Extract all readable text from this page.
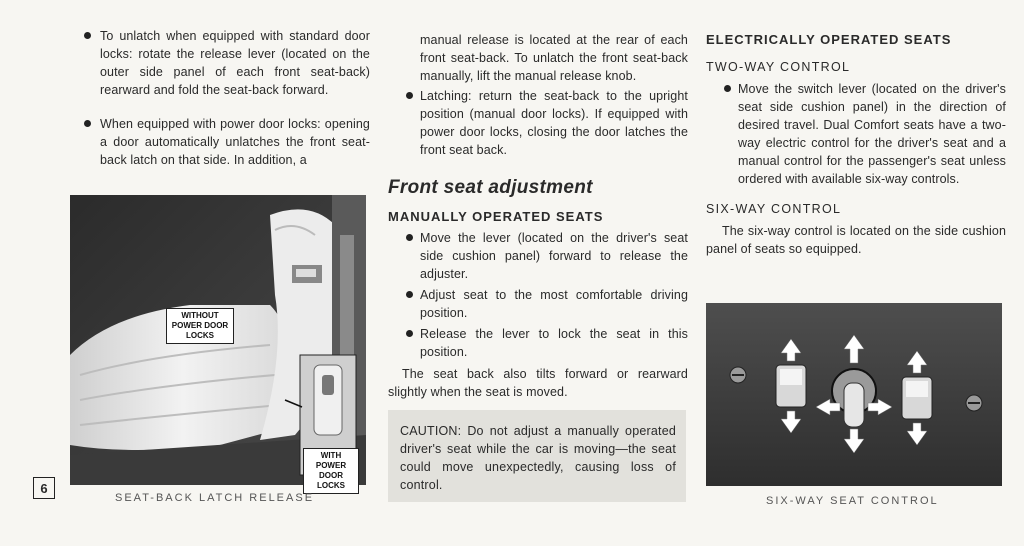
6

To unlatch when equipped with standard door locks: rotate the release lever (located on the outer side panel of each front seat-back) rearward and fold the seat-back forward.

When equipped with power door locks: opening a door automatically unlatches the front seat-back latch on that side. In addition, a

WITHOUT POWER DOOR LOCKS
WITH POWER DOOR LOCKS
SEAT-BACK LATCH RELEASE

manual release is located at the rear of each front seat-back. To unlatch the front seat-back manually, lift the manual release knob.

Latching: return the seat-back to the upright position (manual door locks). If equipped with power door locks, closing the door latches the front seat back.

Front seat adjustment
MANUALLY OPERATED SEATS

Move the lever (located on the driver's seat side cushion panel) forward to release the adjuster.

Adjust seat to the most comfortable driving position.

Release the lever to lock the seat in this position.

The seat back also tilts forward or rearward slightly when the seat is moved.

CAUTION: Do not adjust a manually operated driver's seat while the car is moving—the seat could move unexpectedly, causing loss of control.

ELECTRICALLY OPERATED SEATS
TWO-WAY CONTROL

Move the switch lever (located on the driver's seat side cushion panel) in the direction of desired travel. Dual Comfort seats have a two-way electric control for the driver's seat and a manual control for the passenger's seat unless ordered with available six-way controls.

SIX-WAY CONTROL

The six-way control is located on the side cushion panel of seats so equipped.

SIX-WAY SEAT CONTROL
